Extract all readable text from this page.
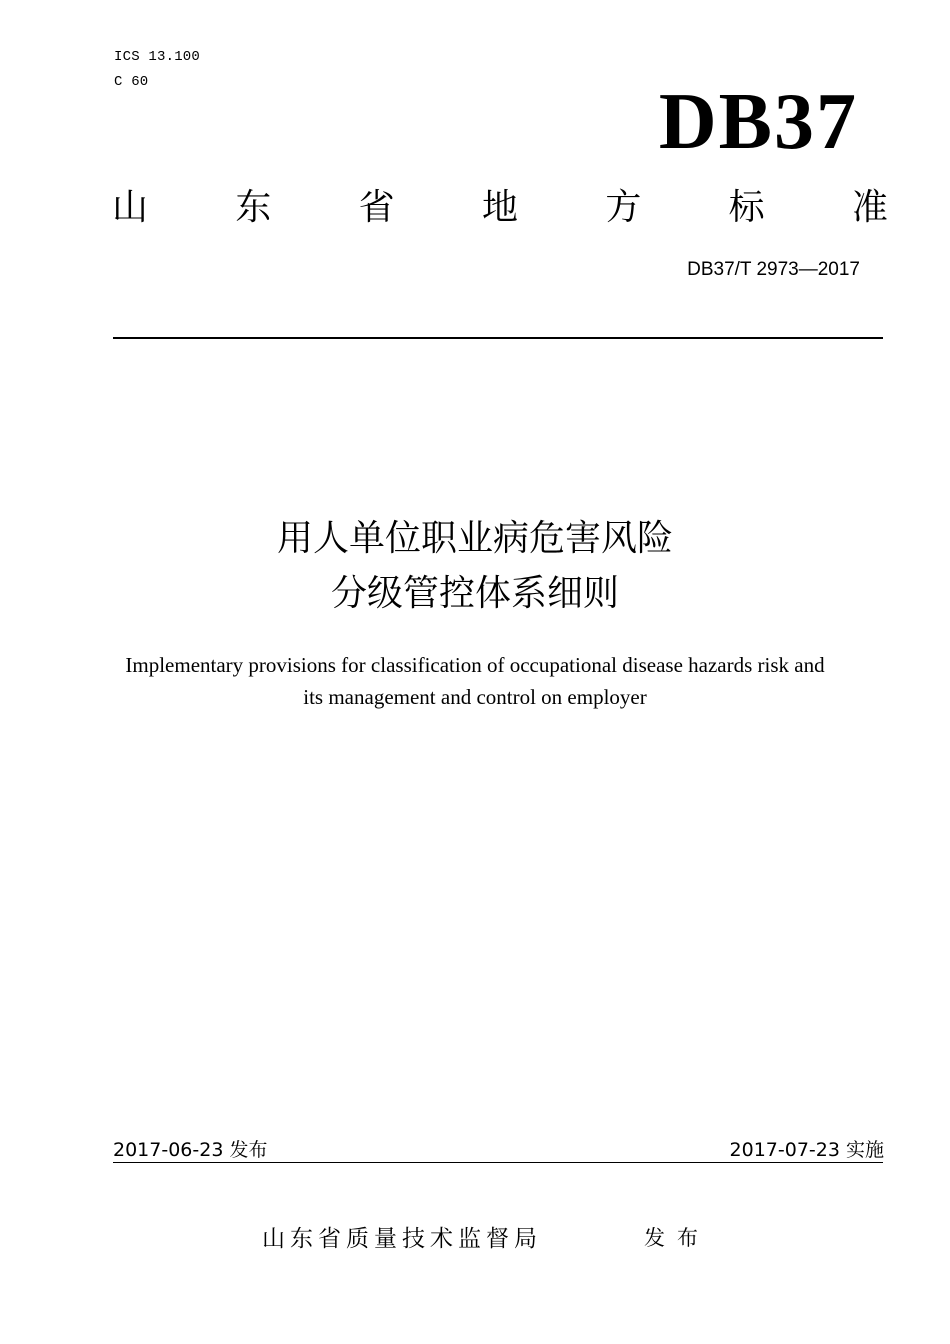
ICS 13.100
C 60	DB37
山 东 省 地 方 标 准
DB37/T 2973—2017
用人单位职业病危害风险
分级管控体系细则
Implementary provisions for classification of occupational disease hazards risk and
its management and control on employer
2017-06-23 发布	2017-07-23 实施
山东省质量技术监督局	发布
